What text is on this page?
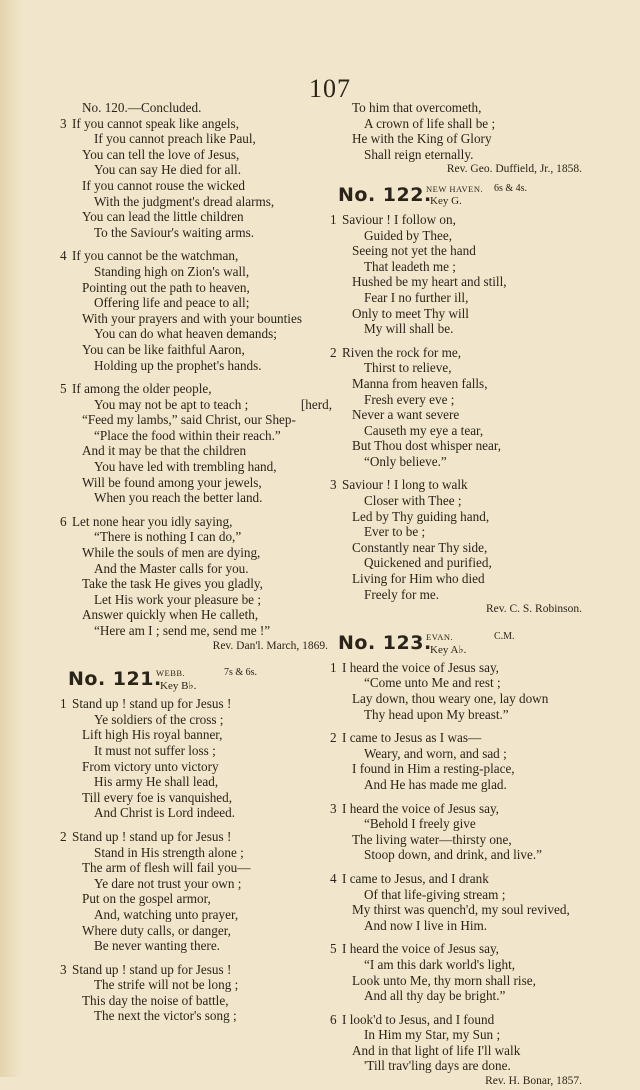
107
No. 120.—Concluded.
3 If you cannot speak like angels,
If you cannot preach like Paul,
You can tell the love of Jesus,
You can say He died for all.
If you cannot rouse the wicked
With the judgment's dread alarms,
You can lead the little children
To the Saviour's waiting arms.
4 If you cannot be the watchman,
Standing high on Zion's wall,
Pointing out the path to heaven,
Offering life and peace to all;
With your prayers and with your bounties
You can do what heaven demands;
You can be like faithful Aaron,
Holding up the prophet's hands.
5 If among the older people,
You may not be apt to teach ;	[herd,
“Feed my lambs,” said Christ, our Shep-
“Place the food within their reach.”
And it may be that the children
You have led with trembling hand,
Will be found among your jewels,
When you reach the better land.
6 Let none hear you idly saying,
“There is nothing I can do,”
While the souls of men are dying,
And the Master calls for you.
Take the task He gives you gladly,
Let His work your pleasure be ;
Answer quickly when He calleth,
“Here am I ; send me, send me !”
Rev. Dan'l. March, 1869.
No. 121.
WEBB.	7s & 6s.
Key B♭.
1 Stand up ! stand up for Jesus !
Ye soldiers of the cross ;
Lift high His royal banner,
It must not suffer loss ;
From victory unto victory
His army He shall lead,
Till every foe is vanquished,
And Christ is Lord indeed.
2 Stand up ! stand up for Jesus !
Stand in His strength alone ;
The arm of flesh will fail you—
Ye dare not trust your own ;
Put on the gospel armor,
And, watching unto prayer,
Where duty calls, or danger,
Be never wanting there.
3 Stand up ! stand up for Jesus !
The strife will not be long ;
This day the noise of battle,
The next the victor's song ;
To him that overcometh,
A crown of life shall be ;
He with the King of Glory
Shall reign eternally.
Rev. Geo. Duffield, Jr., 1858.
No. 122.
NEW HAVEN. 6s & 4s.
Key G.
1 Saviour ! I follow on,
Guided by Thee,
Seeing not yet the hand
That leadeth me ;
Hushed be my heart and still,
Fear I no further ill,
Only to meet Thy will
My will shall be.
2 Riven the rock for me,
Thirst to relieve,
Manna from heaven falls,
Fresh every eve ;
Never a want severe
Causeth my eye a tear,
But Thou dost whisper near,
“Only believe.”
3 Saviour ! I long to walk
Closer with Thee ;
Led by Thy guiding hand,
Ever to be ;
Constantly near Thy side,
Quickened and purified,
Living for Him who died
Freely for me.
Rev. C. S. Robinson.
No. 123.
EVAN.	C.M.
Key A♭.
1 I heard the voice of Jesus say,
“Come unto Me and rest ;
Lay down, thou weary one, lay down
Thy head upon My breast.”
2 I came to Jesus as I was—
Weary, and worn, and sad ;
I found in Him a resting-place,
And He has made me glad.
3 I heard the voice of Jesus say,
“Behold I freely give
The living water—thirsty one,
Stoop down, and drink, and live.”
4 I came to Jesus, and I drank
Of that life-giving stream ;
My thirst was quench'd, my soul revived,
And now I live in Him.
5 I heard the voice of Jesus say,
“I am this dark world's light,
Look unto Me, thy morn shall rise,
And all thy day be bright.”
6 I look'd to Jesus, and I found
In Him my Star, my Sun ;
And in that light of life I'll walk
'Till trav'ling days are done.
Rev. H. Bonar, 1857.
